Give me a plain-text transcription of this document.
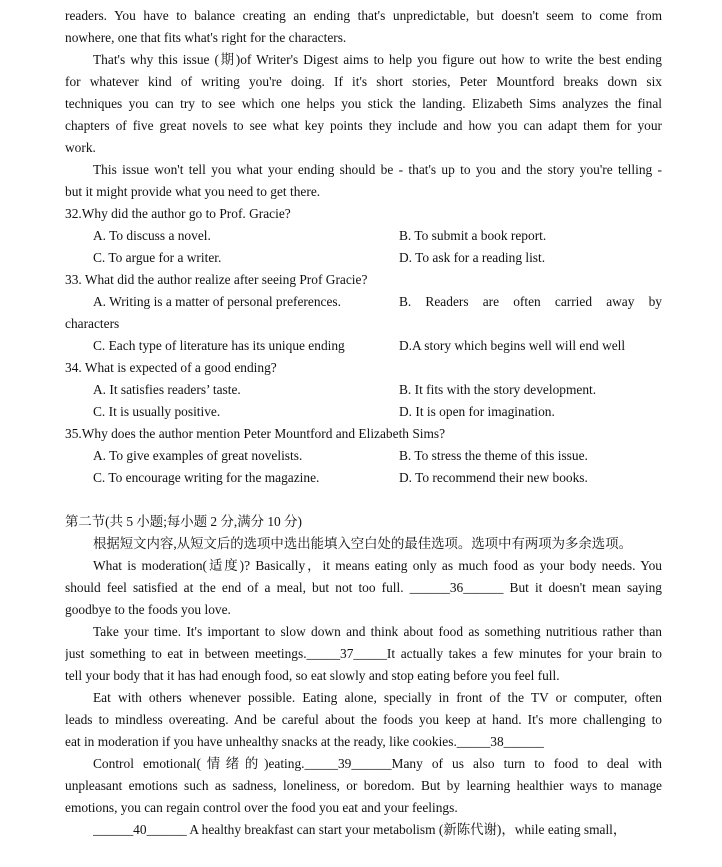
readers. You have to balance creating an ending that's unpredictable, but doesn't seem to come from
nowhere, one that fits what's right for the characters.
That's why this issue (期)of Writer's Digest aims to help you figure out how to write the best ending
for whatever kind of writing you're doing. If it's short stories, Peter Mountford breaks down six
techniques you can try to see which one helps you stick the landing. Elizabeth Sims analyzes the final
chapters of five great novels to see what key points they include and how you can adapt them for your
work.
This issue won't tell you what your ending should be - that's up to you and the story you're telling -
but it might provide what you need to get there.
32.Why did the author go to Prof. Gracie?
A. To discuss a novel.	B. To submit a book report.
C. To argue for a writer.	D. To ask for a reading list.
33. What did the author realize after seeing Prof Gracie?
A. Writing is a matter of personal preferences.	B. Readers are often carried away by
characters
C. Each type of literature has its unique ending	D.A story which begins well will end well
34. What is expected of a good ending?
A. It satisfies readers’ taste.	B. It fits with the story development.
C. It is usually positive.	D. It is open for imagination.
35.Why does the author mention Peter Mountford and Elizabeth Sims?
A. To give examples of great novelists.	B. To stress the theme of this issue.
C. To encourage writing for the magazine.	D. To recommend their new books.
第二节(共 5 小题;每小题 2 分,满分 10 分)
根据短文内容,从短文后的选项中选出能填入空白处的最佳选项。选项中有两项为多余选项。
What is moderation(适度)? Basically，it means eating only as much food as your body needs. You
should feel satisfied at the end of a meal, but not too full. ______36______ But it doesn't mean saying
goodbye to the foods you love.
Take your time. It's important to slow down and think about food as something nutritious rather than
just something to eat in between meetings._____37_____It actually takes a few minutes for your brain to
tell your body that it has had enough food, so eat slowly and stop eating before you feel full.
Eat with others whenever possible. Eating alone, specially in front of the TV or computer, often
leads to mindless overeating. And be careful about the foods you keep at hand. It's more challenging to
eat in moderation if you have unhealthy snacks at the ready, like cookies._____38______
Control emotional(情绪的)eating._____39______Many of us also turn to food to deal with
unpleasant emotions such as sadness, loneliness, or boredom. But by learning healthier ways to manage
emotions, you can regain control over the food you eat and your feelings.
______40______ A healthy breakfast can start your metabolism (新陈代谢)，while eating small，
